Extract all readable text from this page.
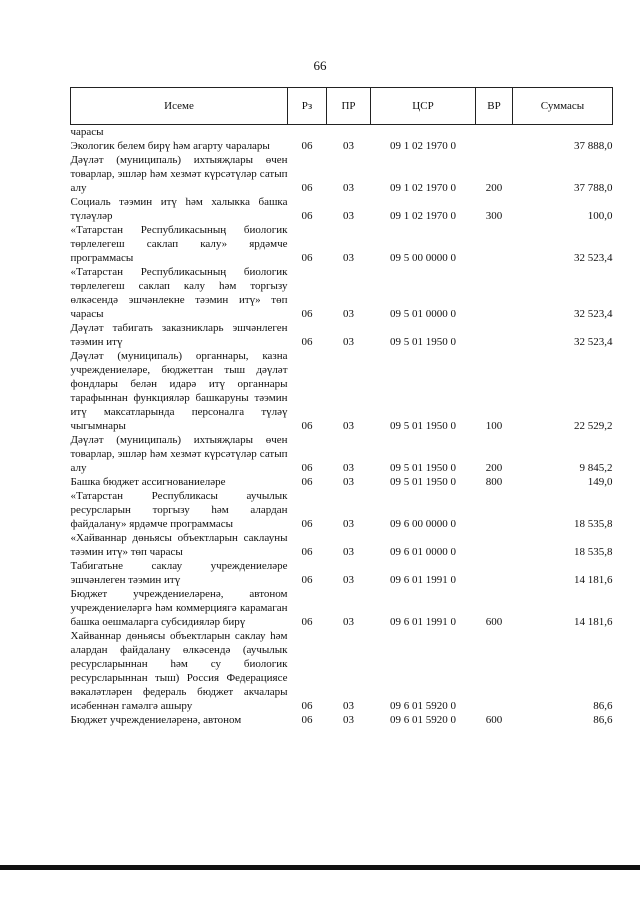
66
Исеме	Рз	ПР	ЦСР	ВР	Суммасы
чарасы					
Экологик белем бирү һәм агарту чаралары	06	03	09 1 02 1970 0		37 888,0
Дәүләт (муниципаль) ихтыяҗлары өчен товарлар, эшләр һәм хезмәт күрсәтүләр сатып алу	06	03	09 1 02 1970 0	200	37 788,0
Социаль тәэмин итү һәм халыкка башка түләүләр	06	03	09 1 02 1970 0	300	100,0
«Татарстан Республикасының биологик төрлелегеш саклап калу» ярдәмче программасы	06	03	09 5 00 0000 0		32 523,4
«Татарстан Республикасының биологик төрлелегеш саклап калу һәм торгызу өлкәсендә эшчәнлекне тәэмин итү» төп чарасы	06	03	09 5 01 0000 0		32 523,4
Дәүләт табигать заказникларь эшчәнлеген тәэмин итү	06	03	09 5 01 1950 0		32 523,4
Дәүләт (муниципаль) органнары, казна учреждениеләре, бюджеттан тыш дәүләт фондлары белән идарә итү органнары тарафыннан функцияләр башкаруны тәэмин итү максатларында персоналга түләү чыгымнары	06	03	09 5 01 1950 0	100	22 529,2
Дәүләт (муниципаль) ихтыяҗлары өчен товарлар, эшләр һәм хезмәт күрсәтүләр сатып алу	06	03	09 5 01 1950 0	200	9 845,2
Башка бюджет ассигнованиеләре	06	03	09 5 01 1950 0	800	149,0
«Татарстан Республикасы аучылык ресурсларын торгызу һәм алардан файдалану» ярдәмче программасы	06	03	09 6 00 0000 0		18 535,8
«Хайваннар дөньясы объектларын саклауны тәэмин итү» төп чарасы	06	03	09 6 01 0000 0		18 535,8
Табигатьне саклау учреждениеләре эшчәнлеген тәэмин итү	06	03	09 6 01 1991 0		14 181,6
Бюджет учреждениеләренә, автоном учреждениеләргә һәм коммерциягә карамаган башка оешмаларга субсидияләр бирү	06	03	09 6 01 1991 0	600	14 181,6
Хайваннар дөньясы объектларын саклау һәм алардан файдалану өлкәсендә (аучылык ресурсларыннан һәм су биологик ресурсларыннан тыш) Россия Федерациясе вәкаләтләрен федераль бюджет акчалары исәбеннән гамәлгә ашыру	06	03	09 6 01 5920 0		86,6
Бюджет учреждениеләренә, автоном	06	03	09 6 01 5920 0	600	86,6
